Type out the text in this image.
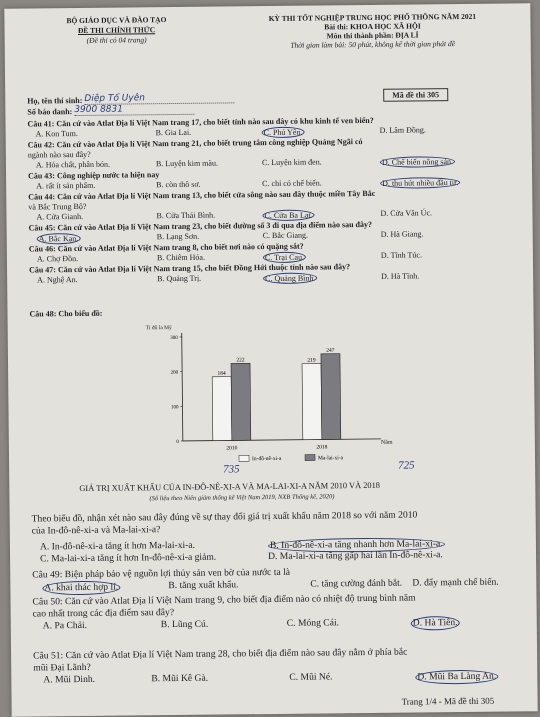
BỘ GIÁO DỤC VÀ ĐÀO TẠO
ĐỀ THI CHÍNH THỨC
(Đề thi có 04 trang)
KỲ THI TỐT NGHIỆP TRUNG HỌC PHỔ THÔNG NĂM 2021
Bài thi: KHOA HỌC XÃ HỘI
Môn thi thành phần: ĐỊA LÍ
Thời gian làm bài: 50 phút, không kể thời gian phát đề
Họ, tên thí sinh: Diệp Tố Uyên
Số báo danh: 3900 8831
Mã đề thi 305
Câu 41: Căn cứ vào Atlat Địa lí Việt Nam trang 17, cho biết tỉnh nào sau đây có khu kinh tế ven biển?
A. Kon Tum.	B. Gia Lai.	C. Phú Yên.	D. Lâm Đồng.
Câu 42: Căn cứ vào Atlat Địa lí Việt Nam trang 21, cho biết trung tâm công nghiệp Quảng Ngãi có
ngành nào sau đây?
A. Hóa chất, phân bón.	B. Luyện kim màu.	C. Luyện kim đen.	D. Chế biến nông sản.
Câu 43: Công nghiệp nước ta hiện nay
A. rất ít sản phẩm.	B. còn thô sơ.	C. chỉ có chế biến.	D. thu hút nhiều đầu tư.
Câu 44: Căn cứ vào Atlat Địa lí Việt Nam trang 13, cho biết cửa sông nào sau đây thuộc miền Tây Bắc
và Bắc Trung Bộ?
A. Cửa Gianh.	B. Cửa Thái Bình.	C. Cửa Ba Lạt.	D. Cửa Văn Úc.
Câu 45: Căn cứ vào Atlat Địa lí Việt Nam trang 23, cho biết đường số 3 đi qua địa điểm nào sau đây?
A. Bắc Kạn.	B. Lạng Sơn.	C. Bắc Giang.	D. Hà Giang.
Câu 46: Căn cứ vào Atlat Địa lí Việt Nam trang 8, cho biết nơi nào có quặng sắt?
A. Chợ Đồn.	B. Chiêm Hóa.	C. Trại Cau.	D. Tĩnh Túc.
Câu 47: Căn cứ vào Atlat Địa lí Việt Nam trang 15, cho biết Đồng Hới thuộc tỉnh nào sau đây?
A. Nghệ An.	B. Quảng Trị.	C. Quảng Bình.	D. Hà Tĩnh.
Câu 48: Cho biểu đồ:
Tỉ đô la Mỹ
0
100
200
300
184
222
2010
219
247
2018
Năm
In-đô-nê-xi-a	Ma-lai-xi-a
735	725
GIÁ TRỊ XUẤT KHẨU CỦA IN-ĐÔ-NÊ-XI-A VÀ MA-LAI-XI-A NĂM 2010 VÀ 2018
(Số liệu theo Niên giám thống kê Việt Nam 2019, NXB Thống kê, 2020)
Theo biểu đồ, nhận xét nào sau đây đúng về sự thay đổi giá trị xuất khẩu năm 2018 so với năm 2010
của In-đô-nê-xi-a và Ma-lai-xi-a?
A. In-đô-nê-xi-a tăng ít hơn Ma-lai-xi-a.	B. In-đô-nê-xi-a tăng nhanh hơn Ma-lai-xi-a.
C. Ma-lai-xi-a tăng ít hơn In-đô-nê-xi-a giảm.	D. Ma-lai-xi-a tăng gấp hai lần In-đô-nê-xi-a.
Câu 49: Biện pháp bảo vệ nguồn lợi thủy sản ven bờ của nước ta là
A. khai thác hợp lí.	B. tăng xuất khẩu.	C. tăng cường đánh bắt. D. đẩy mạnh chế biến.
Câu 50: Căn cứ vào Atlat Địa lí Việt Nam trang 9, cho biết địa điểm nào có nhiệt độ trung bình năm
cao nhất trong các địa điểm sau đây?
A. Pa Chải.	B. Lũng Cú.	C. Móng Cái.	D. Hà Tiên.
Câu 51: Căn cứ vào Atlat Địa lí Việt Nam trang 28, cho biết địa điểm nào sau đây nằm ở phía bắc
mũi Đại Lãnh?
A. Mũi Dinh.	B. Mũi Kê Gà.	C. Mũi Né.	D. Mũi Ba Làng An.
Trang 1/4 - Mã đề thi 305
